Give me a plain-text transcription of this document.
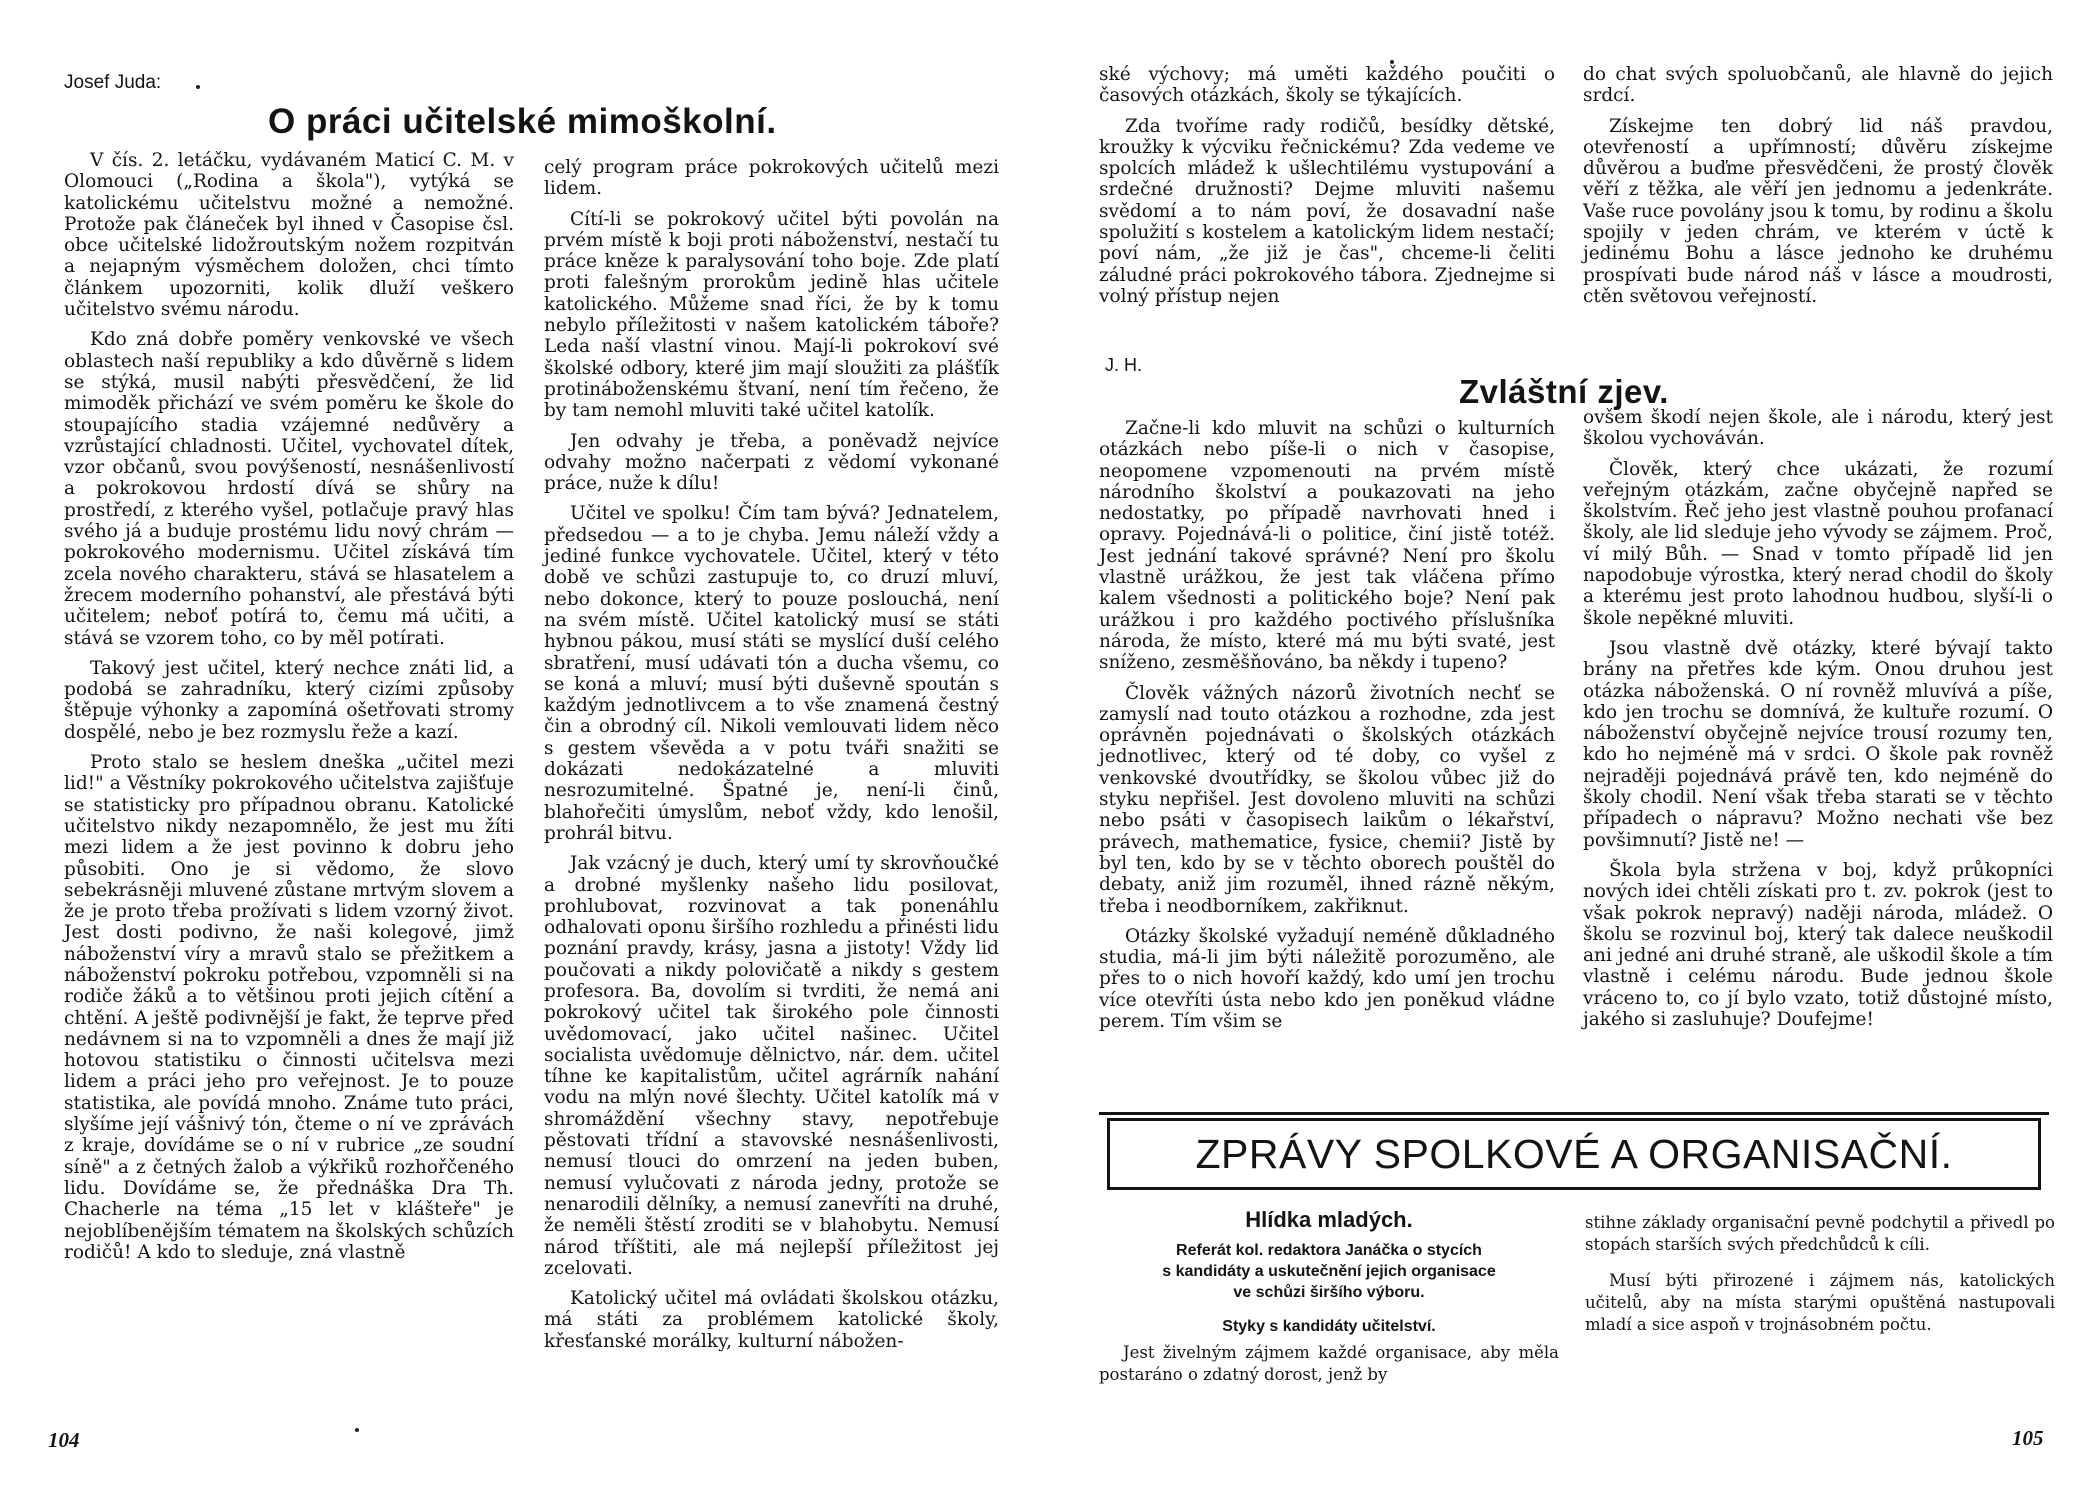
Josef Juda:
O práci učitelské mimoškolní.

V čís. 2. letáčku, vydávaném Maticí C. M. v Olomouci („Rodina a škola"), vytýká se katolickému učitelstvu možné a nemožné. Protože pak článeček byl ihned v Časopise čsl. obce učitelské lidožroutským nožem rozpitván a nejapným výsměchem doložen, chci tímto článkem upozorniti, kolik dluží veškero učitelstvo svému národu.

Kdo zná dobře poměry venkovské ve všech oblastech naší republiky a kdo důvěrně s lidem se stýká, musil nabýti přesvědčení, že lid mimoděk přichází ve svém poměru ke škole do stoupajícího stadia vzájemné nedůvěry a vzrůstající chladnosti. Učitel, vychovatel dítek, vzor občanů, svou povýšeností, nesnášenlivostí a pokrokovou hrdostí dívá se shůry na prostředí, z kterého vyšel, potlačuje pravý hlas svého já a buduje prostému lidu nový chrám — pokrokového modernismu. Učitel získává tím zcela nového charakteru, stává se hlasatelem a žrecem moderního pohanství, ale přestává býti učitelem; neboť potírá to, čemu má učiti, a stává se vzorem toho, co by měl potírati.

Takový jest učitel, který nechce znáti lid, a podobá se zahradníku, který cizími způsoby štěpuje výhonky a zapomíná ošetřovati stromy dospělé, nebo je bez rozmyslu řeže a kazí.

Proto stalo se heslem dneška „učitel mezi lid!" a Věstníky pokrokového učitelstva zajišťuje se statisticky pro případnou obranu. Katolické učitelstvo nikdy nezapomnělo, že jest mu žíti mezi lidem a že jest povinno k dobru jeho působiti. Ono je si vědomo, že slovo sebekrásněji mluvené zůstane mrtvým slovem a že je proto třeba prožívati s lidem vzorný život. Jest dosti podivno, že naši kolegové, jimž náboženství víry a mravů stalo se přežitkem a náboženství pokroku potřebou, vzpomněli si na rodiče žáků a to většinou proti jejich cítění a chtění. A ještě podivnější je fakt, že teprve před nedávnem si na to vzpomněli a dnes že mají již hotovou statistiku o činnosti učitelsva mezi lidem a práci jeho pro veřejnost. Je to pouze statistika, ale povídá mnoho. Známe tuto práci, slyšíme její vášnivý tón, čteme o ní ve zprávách z kraje, dovídáme se o ní v rubrice „ze soudní síně" a z četných žalob a výkřiků rozhořčeného lidu. Dovídáme se, že přednáška Dra Th. Chacherle na téma „15 let v klášteře" je nejoblíbenějším tématem na školských schůzích rodičů! A kdo to sleduje, zná vlastně

celý program práce pokrokových učitelů mezi lidem.

Cítí-li se pokrokový učitel býti povolán na prvém místě k boji proti náboženství, nestačí tu práce kněze k paralysování toho boje. Zde platí proti falešným prorokům jedině hlas učitele katolického. Můžeme snad říci, že by k tomu nebylo příležitosti v našem katolickém táboře? Leda naší vlastní vinou. Mají-li pokrokoví své školské odbory, které jim mají sloužiti za plášťík protináboženskému štvaní, není tím řečeno, že by tam nemohl mluviti také učitel katolík.

Jen odvahy je třeba, a poněvadž nejvíce odvahy možno načerpati z vědomí vykonané práce, nuže k dílu!

Učitel ve spolku! Čím tam bývá? Jednatelem, předsedou — a to je chyba. Jemu náleží vždy a jediné funkce vychovatele. Učitel, který v této době ve schůzi zastupuje to, co druzí mluví, nebo dokonce, který to pouze poslouchá, není na svém místě. Učitel katolický musí se státi hybnou pákou, musí státi se myslící duší celého sbratření, musí udávati tón a ducha všemu, co se koná a mluví; musí býti duševně spoután s každým jednotlivcem a to vše znamená čestný čin a obrodný cíl. Nikoli vemlouvati lidem něco s gestem vševěda a v potu tváři snažiti se dokázati nedokázatelné a mluviti nesrozumitelné. Špatné je, není-li činů, blahořečiti úmyslům, neboť vždy, kdo lenošil, prohrál bitvu.

Jak vzácný je duch, který umí ty skrovňoučké a drobné myšlenky našeho lidu posilovat, prohlubovat, rozvinovat a tak ponenáhlu odhalovati oponu širšího rozhledu a přinésti lidu poznání pravdy, krásy, jasna a jistoty! Vždy lid poučovati a nikdy polovičatě a nikdy s gestem profesora. Ba, dovolím si tvrditi, že nemá ani pokrokový učitel tak širokého pole činnosti uvědomovací, jako učitel našinec. Učitel socialista uvědomuje dělnictvo, nár. dem. učitel tíhne ke kapitalistům, učitel agrárník nahání vodu na mlýn nové šlechty. Učitel katolík má v shromáždění všechny stavy, nepotřebuje pěstovati třídní a stavovské nesnášenlivosti, nemusí tlouci do omrzení na jeden buben, nemusí vylučovati z národa jedny, protože se nenarodili dělníky, a nemusí zanevříti na druhé, že neměli štěstí zroditi se v blahobytu. Nemusí národ tříštiti, ale má nejlepší příležitost jej zcelovati.

Katolický učitel má ovládati školskou otázku, má státi za problémem katolické školy, křesťanské morálky, kulturní nábožen-

104

ské výchovy; má uměti každého poučiti o časových otázkách, školy se týkajících.

Zda tvoříme rady rodičů, besídky dětské, kroužky k výcviku řečnickému? Zda vedeme ve spolcích mládež k ušlechtilému vystupování a srdečné družnosti? Dejme mluviti našemu svědomí a to nám poví, že dosavadní naše spolužití s kostelem a katolickým lidem nestačí; poví nám, „že již je čas", chceme-li čeliti záludné práci pokrokového tábora. Zjednejme si volný přístup nejen

do chat svých spoluobčanů, ale hlavně do jejich srdcí.

Získejme ten dobrý lid náš pravdou, otevřeností a upřímností; důvěru získejme důvěrou a buďme přesvědčeni, že prostý člověk věří z těžka, ale věří jen jednomu a jedenkráte. Vaše ruce povolány jsou k tomu, by rodinu a školu spojily v jeden chrám, ve kterém v úctě k jedinému Bohu a lásce jednoho ke druhému prospívati bude národ náš v lásce a moudrosti, ctěn světovou veřejností.

J. H.
Zvláštní zjev.

Začne-li kdo mluvit na schůzi o kulturních otázkách nebo píše-li o nich v časopise, neopomene vzpomenouti na prvém místě národního školství a poukazovati na jeho nedostatky, po případě navrhovati hned i opravy. Pojednává-li o politice, činí jistě totéž. Jest jednání takové správné? Není pro školu vlastně urážkou, že jest tak vláčena přímo kalem všednosti a politického boje? Není pak urážkou i pro každého poctivého příslušníka národa, že místo, které má mu býti svaté, jest sníženo, zesměšňováno, ba někdy i tupeno?

Člověk vážných názorů životních nechť se zamyslí nad touto otázkou a rozhodne, zda jest oprávněn pojednávati o školských otázkách jednotlivec, který od té doby, co vyšel z venkovské dvoutřídky, se školou vůbec již do styku nepřišel. Jest dovoleno mluviti na schůzi nebo psáti v časopisech laikům o lékařství, právech, mathematice, fysice, chemii? Jistě by byl ten, kdo by se v těchto oborech pouštěl do debaty, aniž jim rozuměl, ihned rázně někým, třeba i neodborníkem, zakřiknut.

Otázky školské vyžadují neméně důkladného studia, má-li jim býti náležitě porozuměno, ale přes to o nich hovoří každý, kdo umí jen trochu více otevříti ústa nebo kdo jen poněkud vládne perem. Tím všim se

ovšem škodí nejen škole, ale i národu, který jest školou vychováván.

Člověk, který chce ukázati, že rozumí veřejným otázkám, začne obyčejně napřed se školstvím. Řeč jeho jest vlastně pouhou profanací školy, ale lid sleduje jeho vývody se zájmem. Proč, ví milý Bůh. — Snad v tomto případě lid jen napodobuje výrostka, který nerad chodil do školy a kterému jest proto lahodnou hudbou, slyší-li o škole nepěkné mluviti.

Jsou vlastně dvě otázky, které bývají takto brány na přetřes kde kým. Onou druhou jest otázka náboženská. O ní rovněž mluvívá a píše, kdo jen trochu se domnívá, že kultuře rozumí. O náboženství obyčejně nejvíce trousí rozumy ten, kdo ho nejméně má v srdci. O škole pak rovněž nejraději pojednává právě ten, kdo nejméně do školy chodil. Není však třeba starati se v těchto případech o nápravu? Možno nechati vše bez povšimnutí? Jistě ne! —

Škola byla stržena v boj, když průkopníci nových idei chtěli získati pro t. zv. pokrok (jest to však pokrok nepravý) naději národa, mládež. O školu se rozvinul boj, který tak dalece neuškodil ani jedné ani druhé straně, ale uškodil škole a tím vlastně i celému národu. Bude jednou škole vráceno to, co jí bylo vzato, totiž důstojné místo, jakého si zasluhuje? Doufejme!

ZPRÁVY SPOLKOVÉ A ORGANISAČNÍ.
Hlídka mladých.
Referát kol. redaktora Janáčka o stycích
s kandidáty a uskutečnění jejich organisace
ve schůzi širšího výboru.
Styky s kandidáty učitelství.

Jest živelným zájmem každé organisace, aby měla postaráno o zdatný dorost, jenž by

stihne základy organisační pevně podchytil a přivedl po stopách starších svých předchůdců k cíli.

Musí býti přirozené i zájmem nás, katolických učitelů, aby na místa starými opuštěná nastupovali mladí a sice aspoň v trojnásobném počtu.

105
